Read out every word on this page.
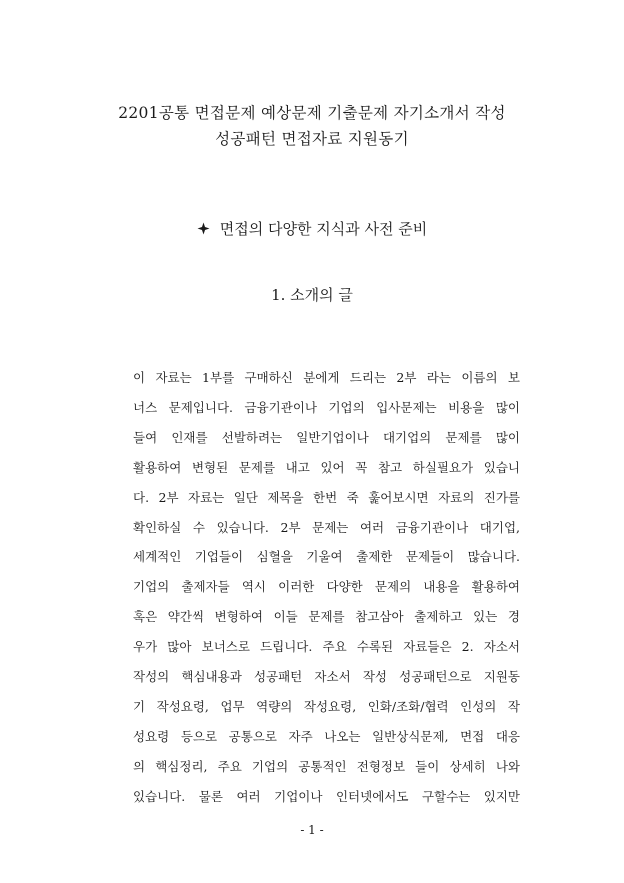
2201공통 면접문제 예상문제 기출문제 자기소개서 작성
성공패턴 면접자료 지원동기
면접의 다양한 지식과 사전 준비
1. 소개의 글
이 자료는 1부를 구매하신 분에게 드리는 2부 라는 이름의 보
너스 문제입니다. 금융기관이나 기업의 입사문제는 비용을 많이
들여 인재를 선발하려는 일반기업이나 대기업의 문제를 많이
활용하여 변형된 문제를 내고 있어 꼭 참고 하실필요가 있습니
다. 2부 자료는 일단 제목을 한번 죽 훑어보시면 자료의 진가를
확인하실 수 있습니다. 2부 문제는 여러 금융기관이나 대기업,
세계적인 기업들이 심혈을 기울여 출제한 문제들이 많습니다.
기업의 출제자들 역시 이러한 다양한 문제의 내용을 활용하여
혹은 약간씩 변형하여 이들 문제를 참고삼아 출제하고 있는 경
우가 많아 보너스로 드립니다. 주요 수록된 자료들은 2. 자소서
작성의 핵심내용과 성공패턴 자소서 작성 성공패턴으로 지원동
기 작성요령, 업무 역량의 작성요령, 인화/조화/협력 인성의 작
성요령 등으로 공통으로 자주 나오는 일반상식문제, 면접 대응
의 핵심정리, 주요 기업의 공통적인 전형정보 들이 상세히 나와
있습니다. 물론 여러 기업이나 인터넷에서도 구할수는 있지만
- 1 -
